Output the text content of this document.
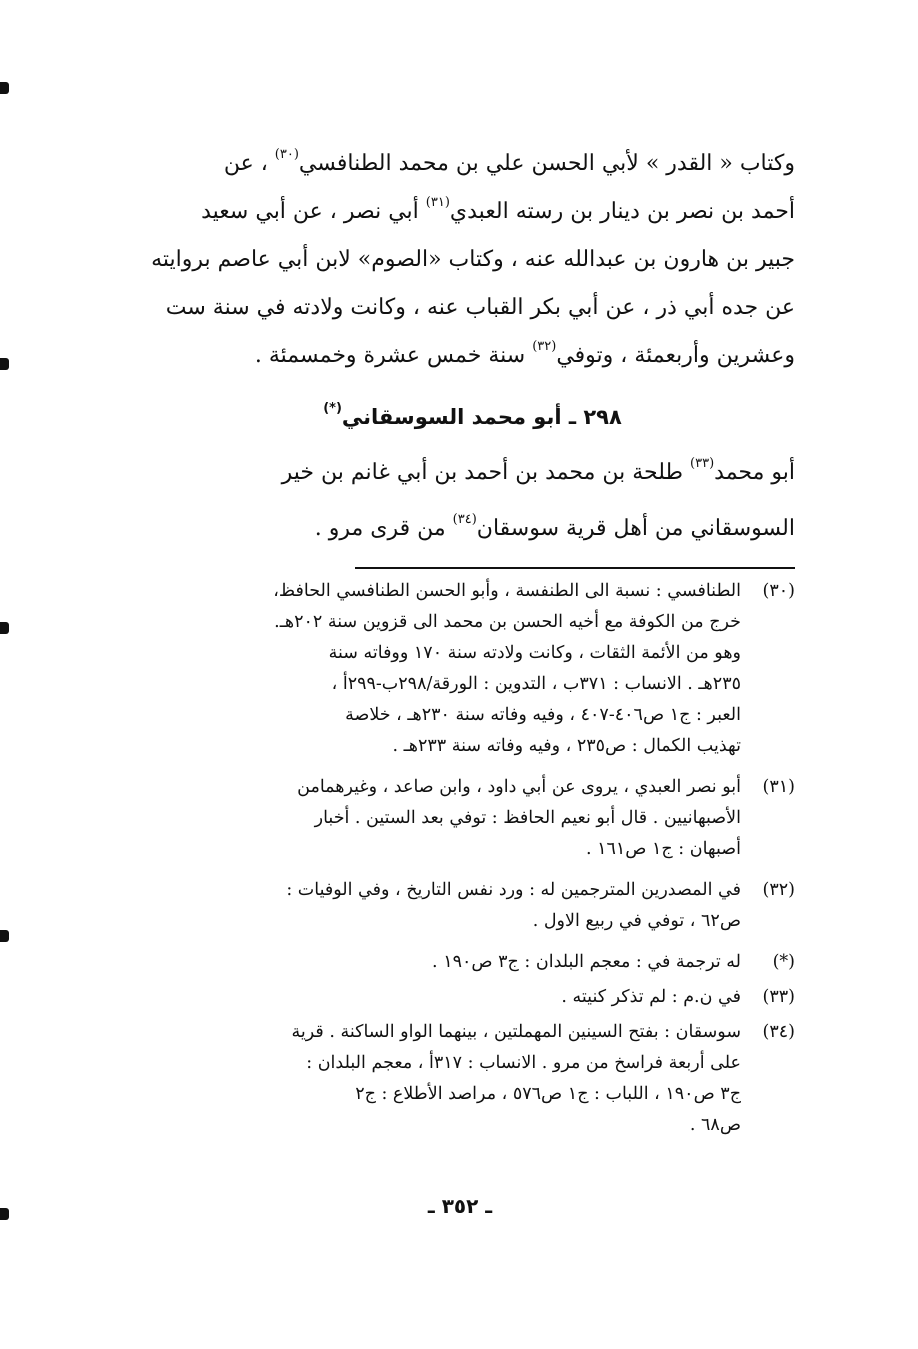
وكتاب « القدر » لأبي الحسن علي بن محمد الطنافسي$^{(٣٠)}$ ، عن
أحمد بن نصر بن دينار بن رسته العبدي$^{(٣١)}$ أبي نصر ، عن أبي سعيد
جبير بن هارون بن عبدالله عنه ، وكتاب «الصوم» لابن أبي عاصم بروايته
عن جده أبي ذر ، عن أبي بكر القباب عنه ، وكانت ولادته في سنة ست
وعشرين وأربعمئة ، وتوفي$^{(٣٢)}$ سنة خمس عشرة وخمسمئة .
٢٩٨ ـ أبو محمد السوسقاني(*)
أبو محمد$^{(٣٣)}$ طلحة بن محمد بن أحمد بن أبي غانم بن خير
السوسقاني من أهل قرية سوسقان$^{(٣٤)}$ من قرى مرو .
(٣٠)
الطنافسي : نسبة الى الطنفسة ، وأبو الحسن الطنافسي الحافظ،
خرج من الكوفة مع أخيه الحسن بن محمد الى قزوين سنة ٢٠٢هـ.
وهو من الأئمة الثقات ، وكانت ولادته سنة ١٧٠ ووفاته سنة
٢٣٥هـ . الانساب : ٣٧١ب ، التدوين : الورقة/٢٩٨ب-٢٩٩أ ،
العبر : ج١ ص٤٠٦-٤٠٧ ، وفيه وفاته سنة ٢٣٠هـ ، خلاصة
تهذيب الكمال : ص٢٣٥ ، وفيه وفاته سنة ٢٣٣هـ .
(٣١)
أبو نصر العبدي ، يروى عن أبي داود ، وابن صاعد ، وغيرهمامن
الأصبهانيين . قال أبو نعيم الحافظ : توفي بعد الستين . أخبار
أصبهان : ج١ ص١٦١ .
(٣٢)
في المصدرين المترجمين له : ورد نفس التاريخ ، وفي الوفيات :
ص٦٢ ، توفي في ربيع الاول .
(*)
له ترجمة في : معجم البلدان : ج٣ ص١٩٠ .
(٣٣)
في ن.م : لم تذكر كنيته .
(٣٤)
سوسقان : بفتح السينين المهملتين ، بينهما الواو الساكنة . قرية
على أربعة فراسخ من مرو . الانساب : ٣١٧أ ، معجم البلدان :
ج٣ ص١٩٠ ، اللباب : ج١ ص٥٧٦ ، مراصد الأطلاع : ج٢
ص٦٨ .
ـ ٣٥٢ ـ
